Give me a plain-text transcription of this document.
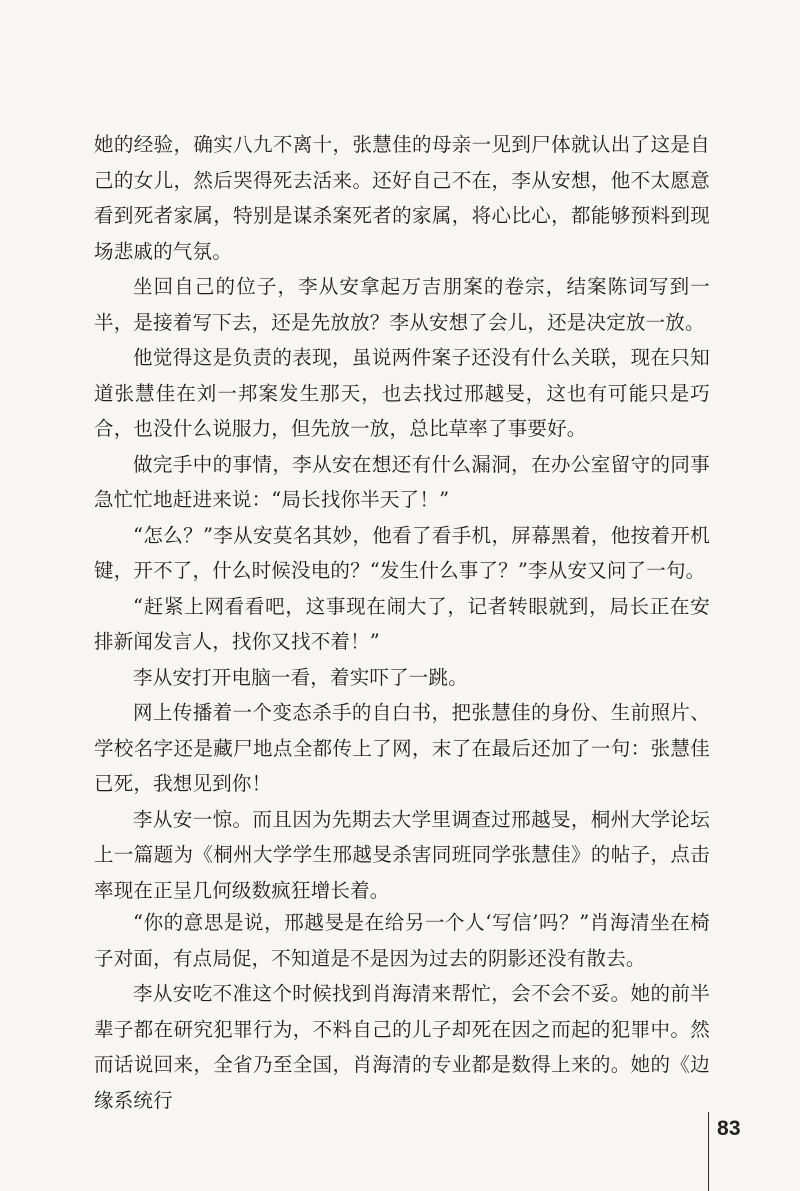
她的经验，确实八九不离十，张慧佳的母亲一见到尸体就认出了这是自己的女儿，然后哭得死去活来。还好自己不在，李从安想，他不太愿意看到死者家属，特别是谋杀案死者的家属，将心比心，都能够预料到现场悲戚的气氛。

坐回自己的位子，李从安拿起万吉朋案的卷宗，结案陈词写到一半，是接着写下去，还是先放放？李从安想了会儿，还是决定放一放。

他觉得这是负责的表现，虽说两件案子还没有什么关联，现在只知道张慧佳在刘一邦案发生那天，也去找过邢越旻，这也有可能只是巧合，也没什么说服力，但先放一放，总比草率了事要好。

做完手中的事情，李从安在想还有什么漏洞，在办公室留守的同事急忙忙地赶进来说：“局长找你半天了！”

“怎么？”李从安莫名其妙，他看了看手机，屏幕黑着，他按着开机键，开不了，什么时候没电的？“发生什么事了？”李从安又问了一句。

“赶紧上网看看吧，这事现在闹大了，记者转眼就到，局长正在安排新闻发言人，找你又找不着！”

李从安打开电脑一看，着实吓了一跳。

网上传播着一个变态杀手的自白书，把张慧佳的身份、生前照片、学校名字还是藏尸地点全都传上了网，末了在最后还加了一句：张慧佳已死，我想见到你！

李从安一惊。而且因为先期去大学里调查过邢越旻，桐州大学论坛上一篇题为《桐州大学学生邢越旻杀害同班同学张慧佳》的帖子，点击率现在正呈几何级数疯狂增长着。

“你的意思是说，邢越旻是在给另一个人‘写信’吗？”肖海清坐在椅子对面，有点局促，不知道是不是因为过去的阴影还没有散去。

李从安吃不准这个时候找到肖海清来帮忙，会不会不妥。她的前半辈子都在研究犯罪行为，不料自己的儿子却死在因之而起的犯罪中。然而话说回来，全省乃至全国，肖海清的专业都是数得上来的。她的《边缘系统行

83
